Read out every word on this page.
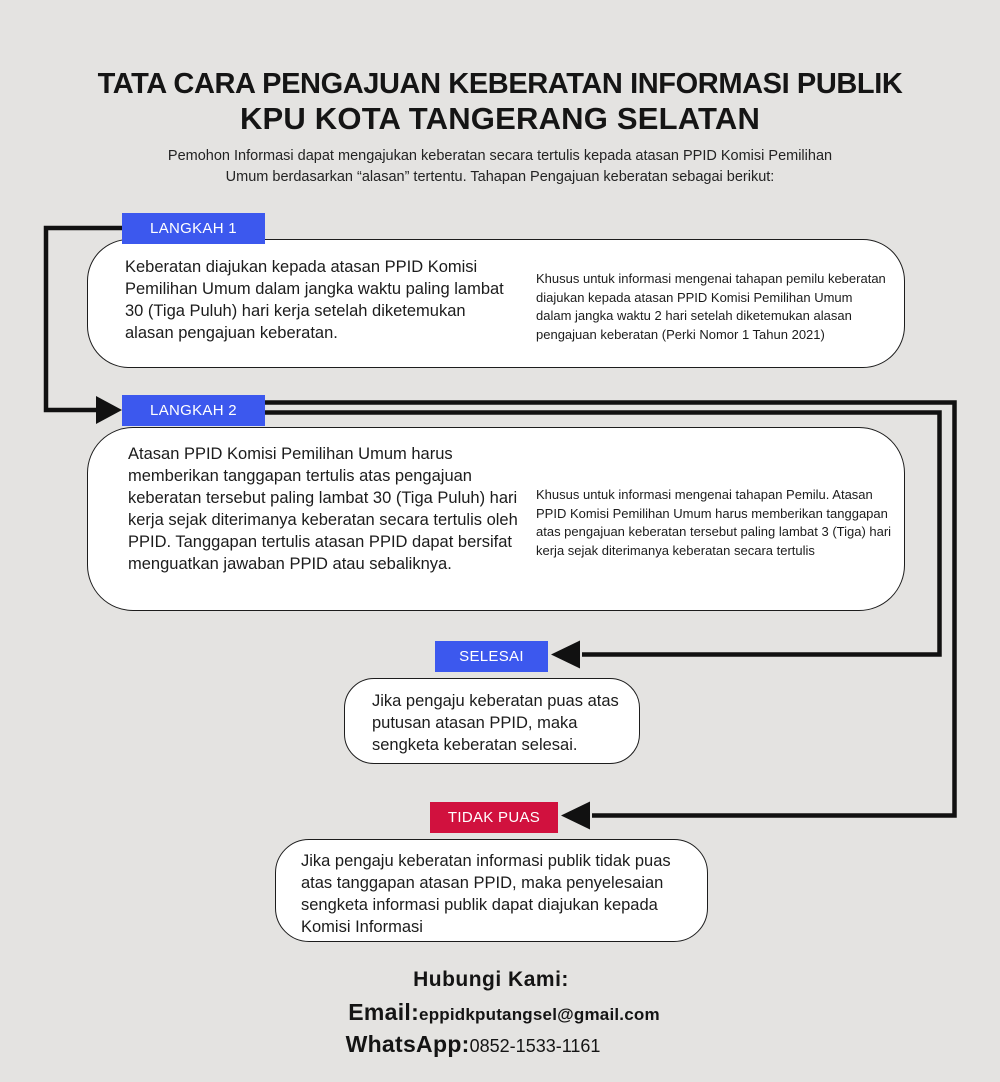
TATA CARA PENGAJUAN KEBERATAN INFORMASI PUBLIK
KPU KOTA TANGERANG SELATAN
Pemohon Informasi dapat mengajukan keberatan secara tertulis kepada atasan PPID Komisi Pemilihan
Umum berdasarkan “alasan” tertentu. Tahapan Pengajuan keberatan sebagai berikut:
LANGKAH 1
Keberatan diajukan kepada atasan PPID Komisi Pemilihan Umum dalam jangka waktu paling lambat 30 (Tiga Puluh) hari kerja setelah diketemukan alasan pengajuan keberatan.
Khusus untuk informasi mengenai tahapan pemilu keberatan diajukan kepada atasan PPID Komisi Pemilihan Umum dalam jangka waktu 2 hari setelah diketemukan alasan pengajuan keberatan (Perki Nomor 1 Tahun 2021)
LANGKAH 2
Atasan PPID Komisi Pemilihan Umum harus memberikan tanggapan tertulis atas pengajuan keberatan tersebut paling lambat 30 (Tiga Puluh) hari kerja sejak diterimanya keberatan secara tertulis oleh PPID. Tanggapan tertulis atasan PPID dapat bersifat menguatkan jawaban PPID atau sebaliknya.
Khusus untuk informasi mengenai tahapan Pemilu. Atasan PPID Komisi Pemilihan Umum harus memberikan tanggapan atas pengajuan keberatan tersebut paling lambat 3 (Tiga) hari kerja sejak diterimanya keberatan secara tertulis
SELESAI
Jika pengaju keberatan puas atas putusan atasan PPID, maka sengketa keberatan selesai.
TIDAK PUAS
Jika pengaju keberatan informasi publik tidak puas atas tanggapan atasan PPID, maka penyelesaian sengketa informasi publik dapat diajukan kepada Komisi Informasi
Hubungi Kami:
Email:eppidkputangsel@gmail.com
WhatsApp:0852-1533-1161
